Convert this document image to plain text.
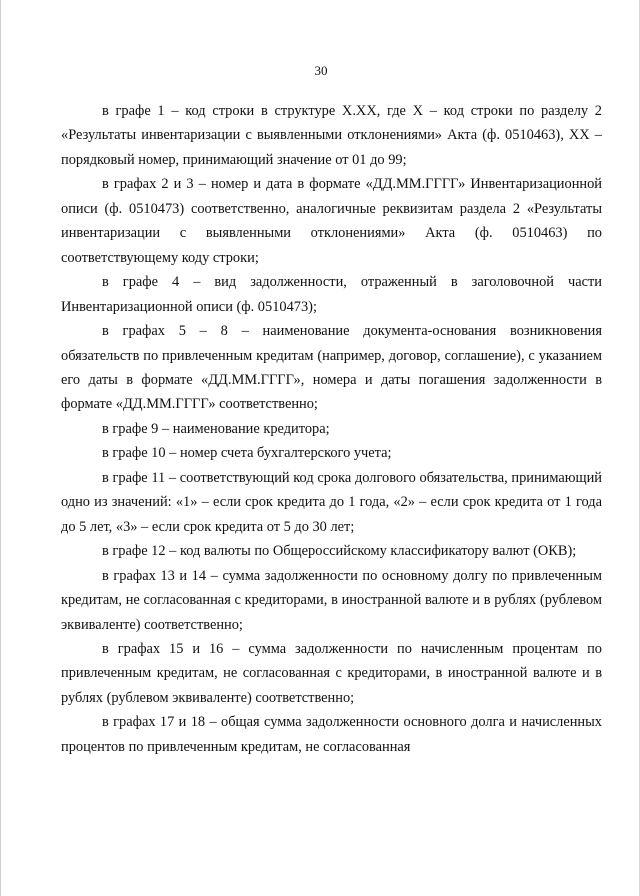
30

в графе 1 – код строки в структуре X.XX, где X – код строки по разделу 2 «Результаты инвентаризации с выявленными отклонениями» Акта (ф. 0510463), XX – порядковый номер, принимающий значение от 01 до 99;

в графах 2 и 3 – номер и дата в формате «ДД.ММ.ГГГГ» Инвентаризационной описи (ф. 0510473) соответственно, аналогичные реквизитам раздела 2 «Результаты инвентаризации с выявленными отклонениями» Акта (ф. 0510463) по соответствующему коду строки;

в графе 4 – вид задолженности, отраженный в заголовочной части Инвентаризационной описи (ф. 0510473);

в графах 5 – 8 – наименование документа-основания возникновения обязательств по привлеченным кредитам (например, договор, соглашение), с указанием его даты в формате «ДД.ММ.ГГГГ», номера и даты погашения задолженности в формате «ДД.ММ.ГГГГ» соответственно;

в графе 9 – наименование кредитора;

в графе 10 – номер счета бухгалтерского учета;

в графе 11 – соответствующий код срока долгового обязательства, принимающий одно из значений: «1» – если срок кредита до 1 года, «2» – если срок кредита от 1 года до 5 лет, «3» – если срок кредита от 5 до 30 лет;

в графе 12 – код валюты по Общероссийскому классификатору валют (ОКВ);

в графах 13 и 14 – сумма задолженности по основному долгу по привлеченным кредитам, не согласованная с кредиторами, в иностранной валюте и в рублях (рублевом эквиваленте) соответственно;

в графах 15 и 16 – сумма задолженности по начисленным процентам по привлеченным кредитам, не согласованная с кредиторами, в иностранной валюте и в рублях (рублевом эквиваленте) соответственно;

в графах 17 и 18 – общая сумма задолженности основного долга и начисленных процентов по привлеченным кредитам, не согласованная
